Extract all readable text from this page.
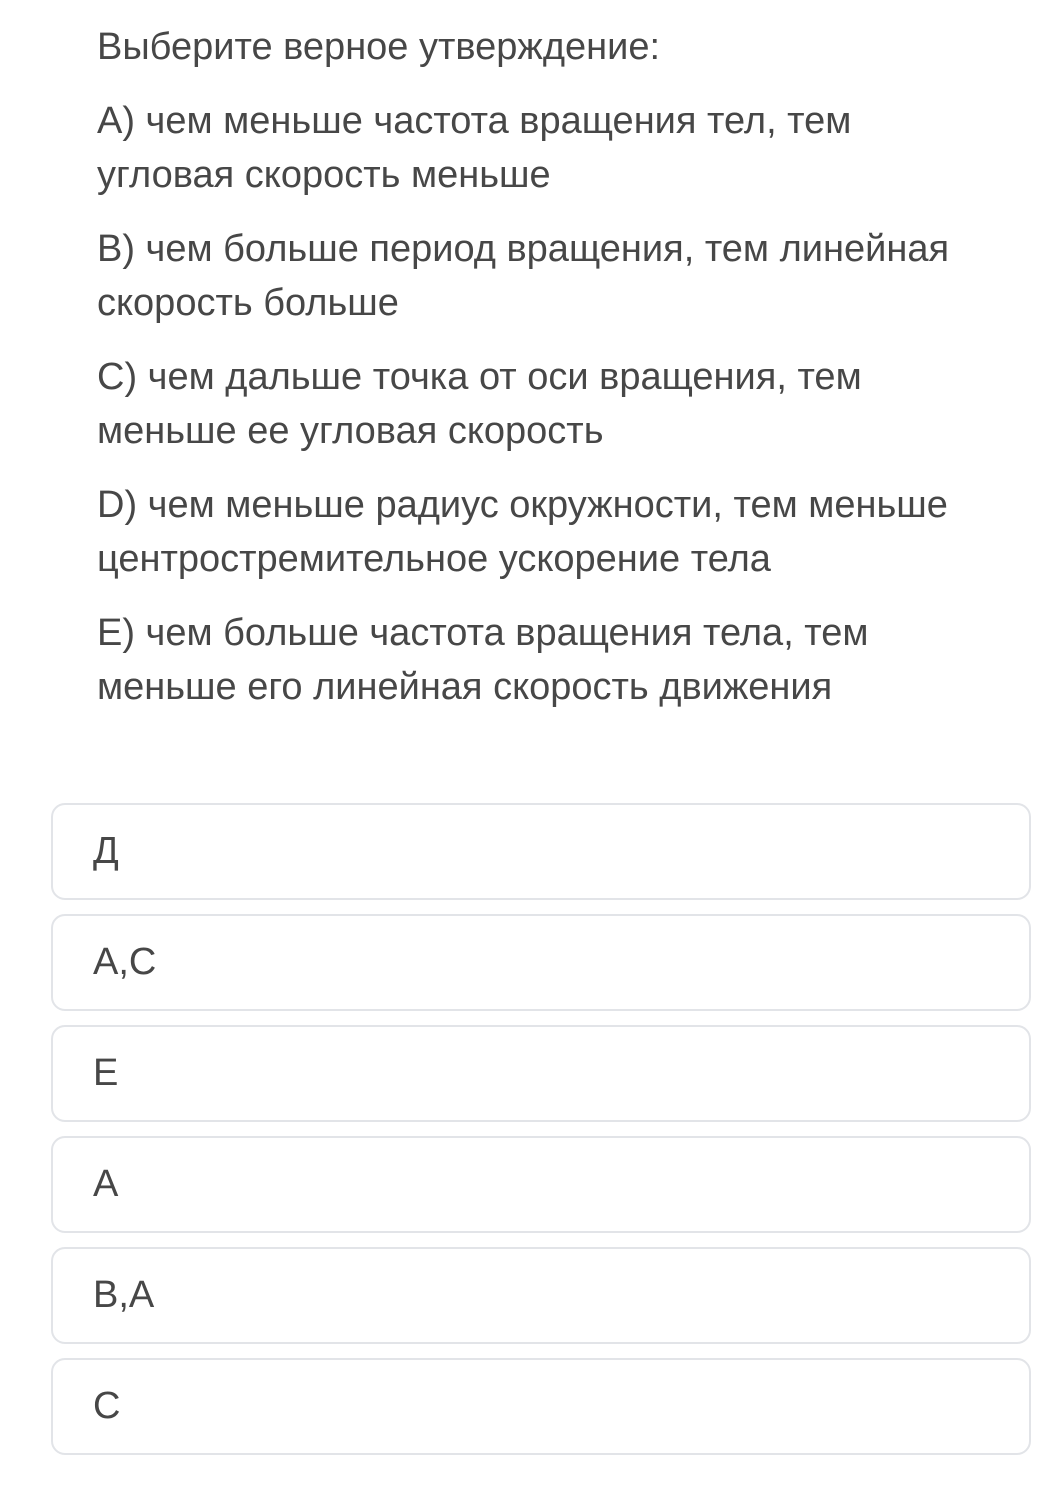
Выберите верное утверждение:

A) чем меньше частота вращения тел, тем угловая скорость меньше

B) чем больше период вращения, тем линейная скорость больше

C) чем дальше точка от оси вращения, тем меньше ее угловая скорость

D) чем меньше радиус окружности, тем меньше центростремительное ускорение тела

E) чем больше частота вращения тела, тем меньше его линейная скорость движения

Д
А,С
Е
А
В,А
С
